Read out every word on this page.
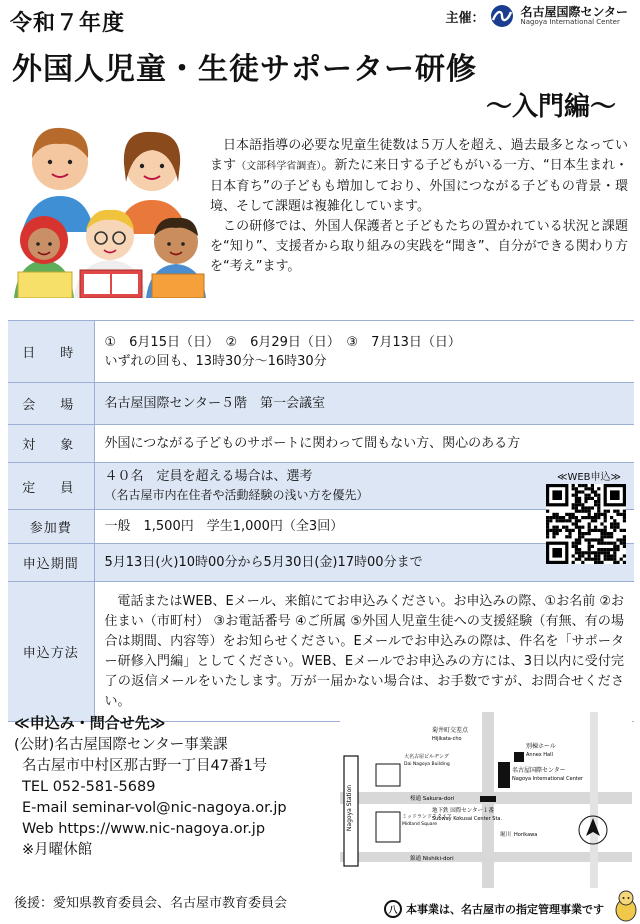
令和７年度
外国人児童・生徒サポーター研修
～入門編～
主催：	名古屋国際センター
Nagoya International Center

日本語指導の必要な児童生徒数は５万人を超え、過去最多となっています（文部科学省調査）。新たに来日する子どもがいる一方、“日本生まれ・日本育ち”の子どもも増加しており、外国につながる子どもの背景・環境、そして課題は複雑化しています。

この研修では、外国人保護者と子どもたちの置かれている状況と課題を“知り”、支援者から取り組みの実践を“聞き”、自分ができる関わり方を“考え”ます。

日　時	①　6月15日（日）　②　6月29日（日）　③　7月13日（日）
いずれの回も、13時30分～16時30分

会　場	名古屋国際センター５階　第一会議室
対　象	外国につながる子どものサポートに関わって間もない方、関心のある方
定　員	４０名　定員を超える場合は、選考
（名古屋市内在住者や活動経験の浅い方を優先）

参加費	一般　1,500円　学生1,000円（全3回）
申込期間	5月13日(火)10時00分から5月30日(金)17時00分まで
申込方法	電話またはWEB、Eメール、来館にてお申込みください。お申込みの際、①お名前 ②お住まい（市町村） ③お電話番号 ④ご所属 ⑤外国人児童生徒への支援経験（有無、有の場合は期間、内容等）をお知らせください。Eメールでお申込みの際は、件名を「サポーター研修入門編」としてください。WEB、Eメールでお申込みの方には、3日以内に受付完了の返信メールをいたします。万が一届かない場合は、お手数ですが、お問合せください。
≪WEB申込≫
≪申込み・問合せ先≫
(公財)名古屋国際センター事業課
名古屋市中村区那古野一丁目47番1号
TEL 052-581-5689
E-mail seminar-vol@nic-nagoya.or.jp
Web https://www.nic-nagoya.or.jp
※月曜休館
後援：愛知県教育委員会、名古屋市教育委員会
Nagoya Station
菊井町交差点
Hijikata-cho
大名古屋ビルヂング
Dai Nagoya Building
別棟ホール
Annex Hall
名古屋国際センター
Nagoya International Center
桜通 Sakura-dori
ミッドランドスクエア
Midland Square
地下鉄 国際センター１番
Subway Kokusai Center Sta.
堀川 Horikawa
錦通 Nishiki-dori
八 本事業は、名古屋市の指定管理事業です
